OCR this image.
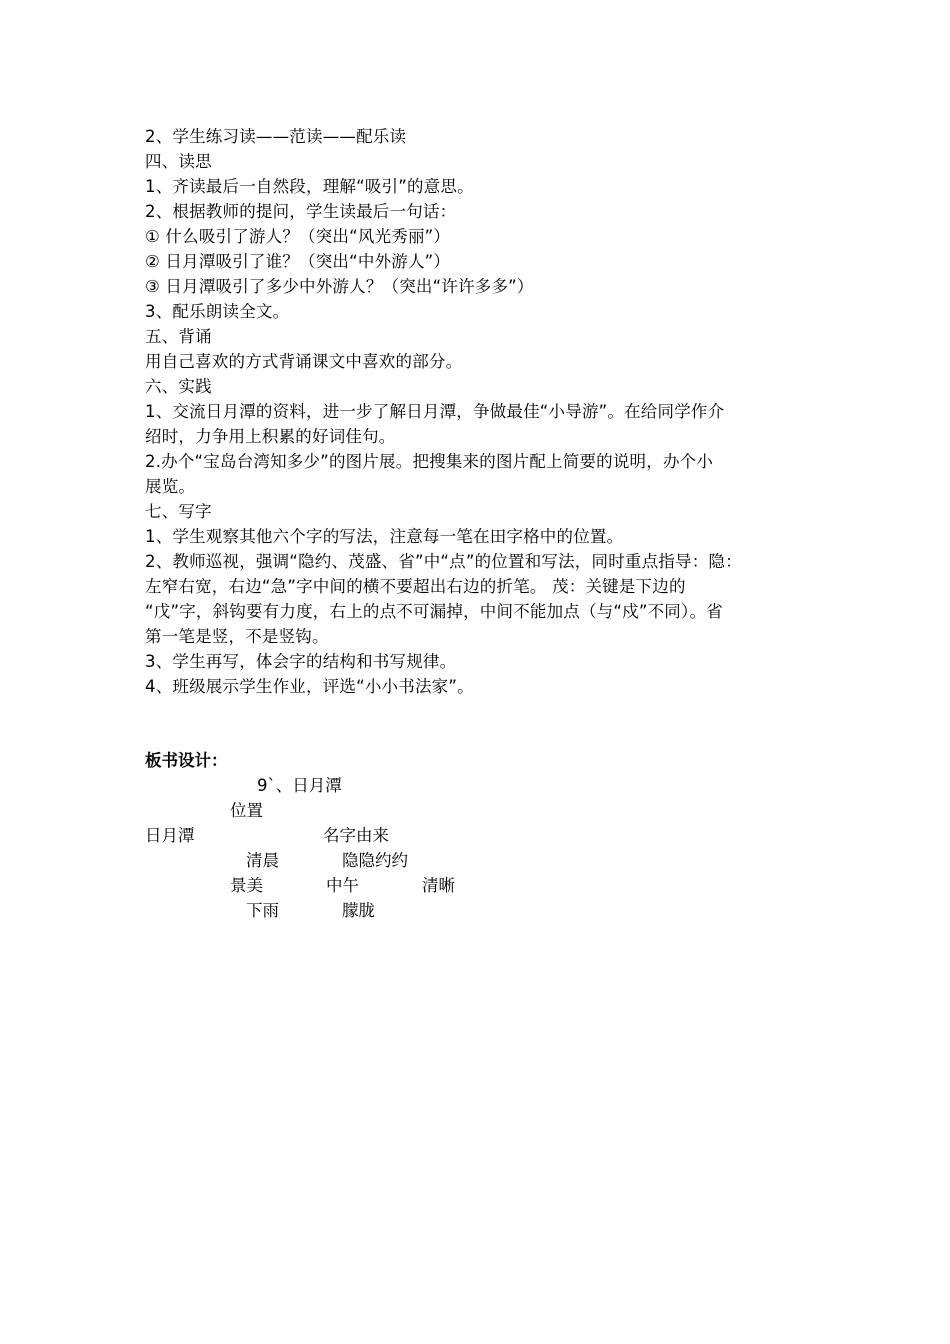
2、学生练习读——范读——配乐读
四、读思
1、齐读最后一自然段，理解“吸引”的意思。
2、根据教师的提问，学生读最后一句话：
① 什么吸引了游人？（突出“风光秀丽”）
② 日月潭吸引了谁？（突出“中外游人”）
③ 日月潭吸引了多少中外游人？（突出“许许多多”）
3、配乐朗读全文。
五、背诵
用自己喜欢的方式背诵课文中喜欢的部分。
六、实践
1、交流日月潭的资料，进一步了解日月潭，争做最佳“小导游”。在给同学作介
绍时，力争用上积累的好词佳句。
2.办个“宝岛台湾知多少”的图片展。把搜集来的图片配上简要的说明，办个小
展览。
七、写字
1、学生观察其他六个字的写法，注意每一笔在田字格中的位置。
2、教师巡视，强调“隐约、茂盛、省”中“点”的位置和写法，同时重点指导：隐：
左窄右宽，右边“急”字中间的横不要超出右边的折笔。 茂：关键是下边的
“戊”字，斜钩要有力度，右上的点不可漏掉，中间不能加点（与“戍”不同）。省
第一笔是竖，不是竖钩。
3、学生再写，体会字的结构和书写规律。
4、班级展示学生作业，评选“小小书法家”。
板书设计：
9`、日月潭
位置
日月潭	名字由来
清晨	隐隐约约
景美	中午	清晰
下雨	朦胧
